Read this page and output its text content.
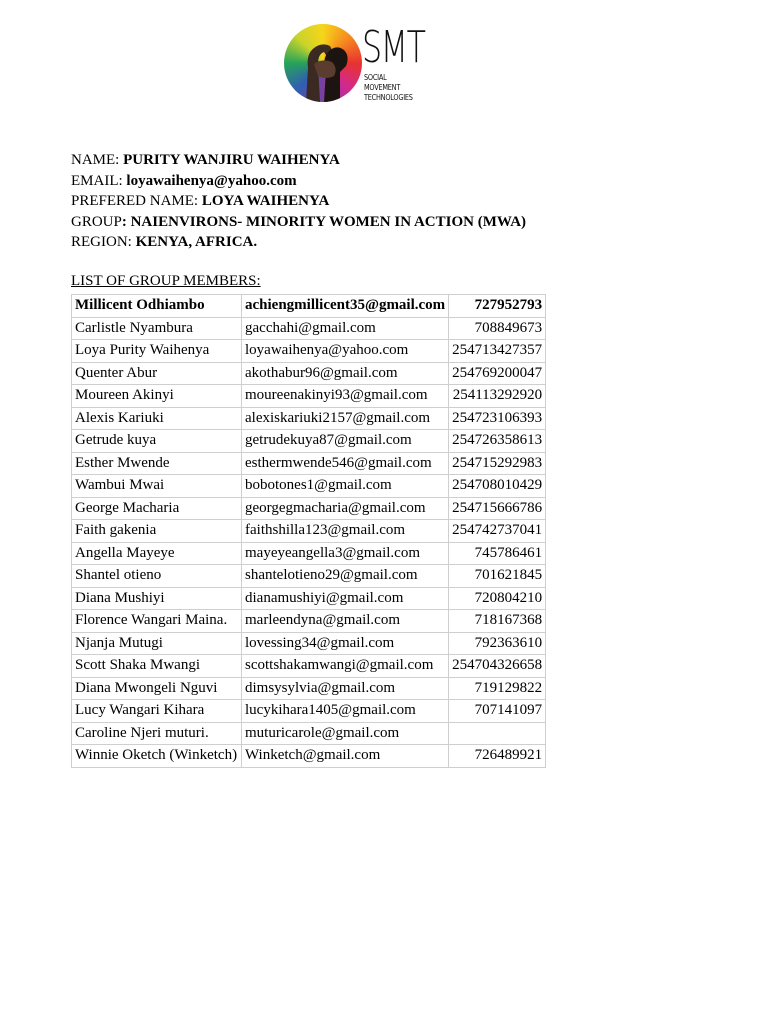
SMT
SOCIAL MOVEMENT TECHNOLOGIES
NAME: PURITY WANJIRU WAIHENYA
EMAIL: loyawaihenya@yahoo.com
PREFERED NAME: LOYA WAIHENYA
GROUP: NAIENVIRONS- MINORITY WOMEN IN ACTION (MWA)
REGION: KENYA, AFRICA.
LIST OF GROUP MEMBERS:
Millicent Odhiambo	achiengmillicent35@gmail.com	727952793
Carlistle Nyambura	gacchahi@gmail.com	708849673
Loya Purity Waihenya	loyawaihenya@yahoo.com	254713427357
Quenter Abur	akothabur96@gmail.com	254769200047
Moureen Akinyi	moureenakinyi93@gmail.com	254113292920
Alexis Kariuki	alexiskariuki2157@gmail.com	254723106393
Getrude kuya	getrudekuya87@gmail.com	254726358613
Esther Mwende	esthermwende546@gmail.com	254715292983
Wambui Mwai	bobotones1@gmail.com	254708010429
George Macharia	georgegmacharia@gmail.com	254715666786
Faith gakenia	faithshilla123@gmail.com	254742737041
Angella Mayeye	mayeyeangella3@gmail.com	745786461
Shantel otieno	shantelotieno29@gmail.com	701621845
Diana Mushiyi	dianamushiyi@gmail.com	720804210
Florence Wangari Maina.	marleendyna@gmail.com	718167368
Njanja Mutugi	lovessing34@gmail.com	792363610
Scott Shaka Mwangi	scottshakamwangi@gmail.com	254704326658
Diana Mwongeli Nguvi	dimsysylvia@gmail.com	719129822
Lucy Wangari Kihara	lucykihara1405@gmail.com	707141097
Caroline Njeri muturi.	muturicarole@gmail.com	
Winnie Oketch (Winketch)	Winketch@gmail.com	726489921
